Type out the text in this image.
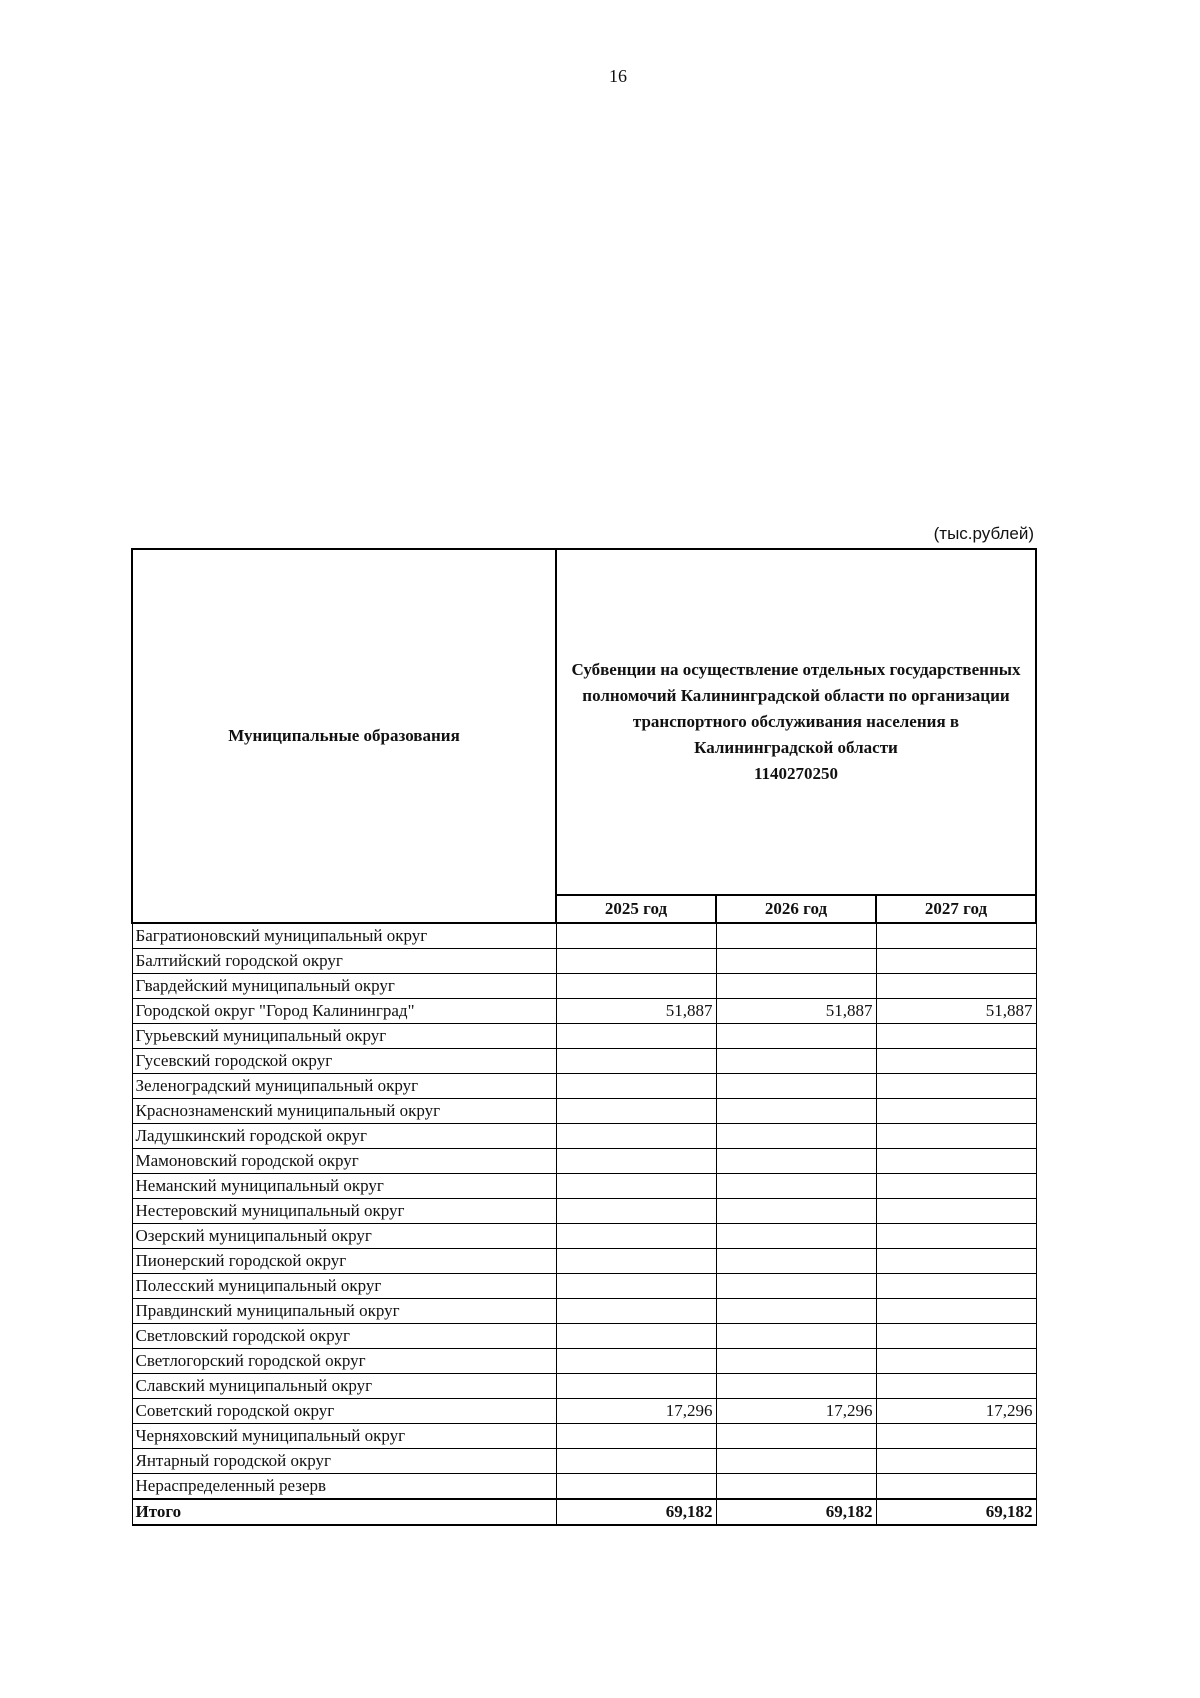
16
(тыс.рублей)
Муниципальные образования	Субвенции на осуществление отдельных государственных полномочий Калининградской области по организации транспортного обслуживания населения в Калининградской области
1140270250		

	2025 год	2026 год	2027 год
Багратионовский муниципальный округ			
Балтийский городской округ			
Гвардейский муниципальный округ			
Городской округ "Город Калининград"	51,887	51,887	51,887
Гурьевский муниципальный округ			
Гусевский городской округ			
Зеленоградский муниципальный округ			
Краснознаменский муниципальный округ			
Ладушкинский городской округ			
Мамоновский городской округ			
Неманский муниципальный округ			
Нестеровский муниципальный округ			
Озерский муниципальный округ			
Пионерский городской округ			
Полесский муниципальный округ			
Правдинский муниципальный округ			
Светловский городской округ			
Светлогорский городской округ			
Славский муниципальный округ			
Советский городской округ	17,296	17,296	17,296
Черняховский муниципальный округ			
Янтарный городской округ			
Нераспределенный резерв			
Итого	69,182	69,182	69,182
